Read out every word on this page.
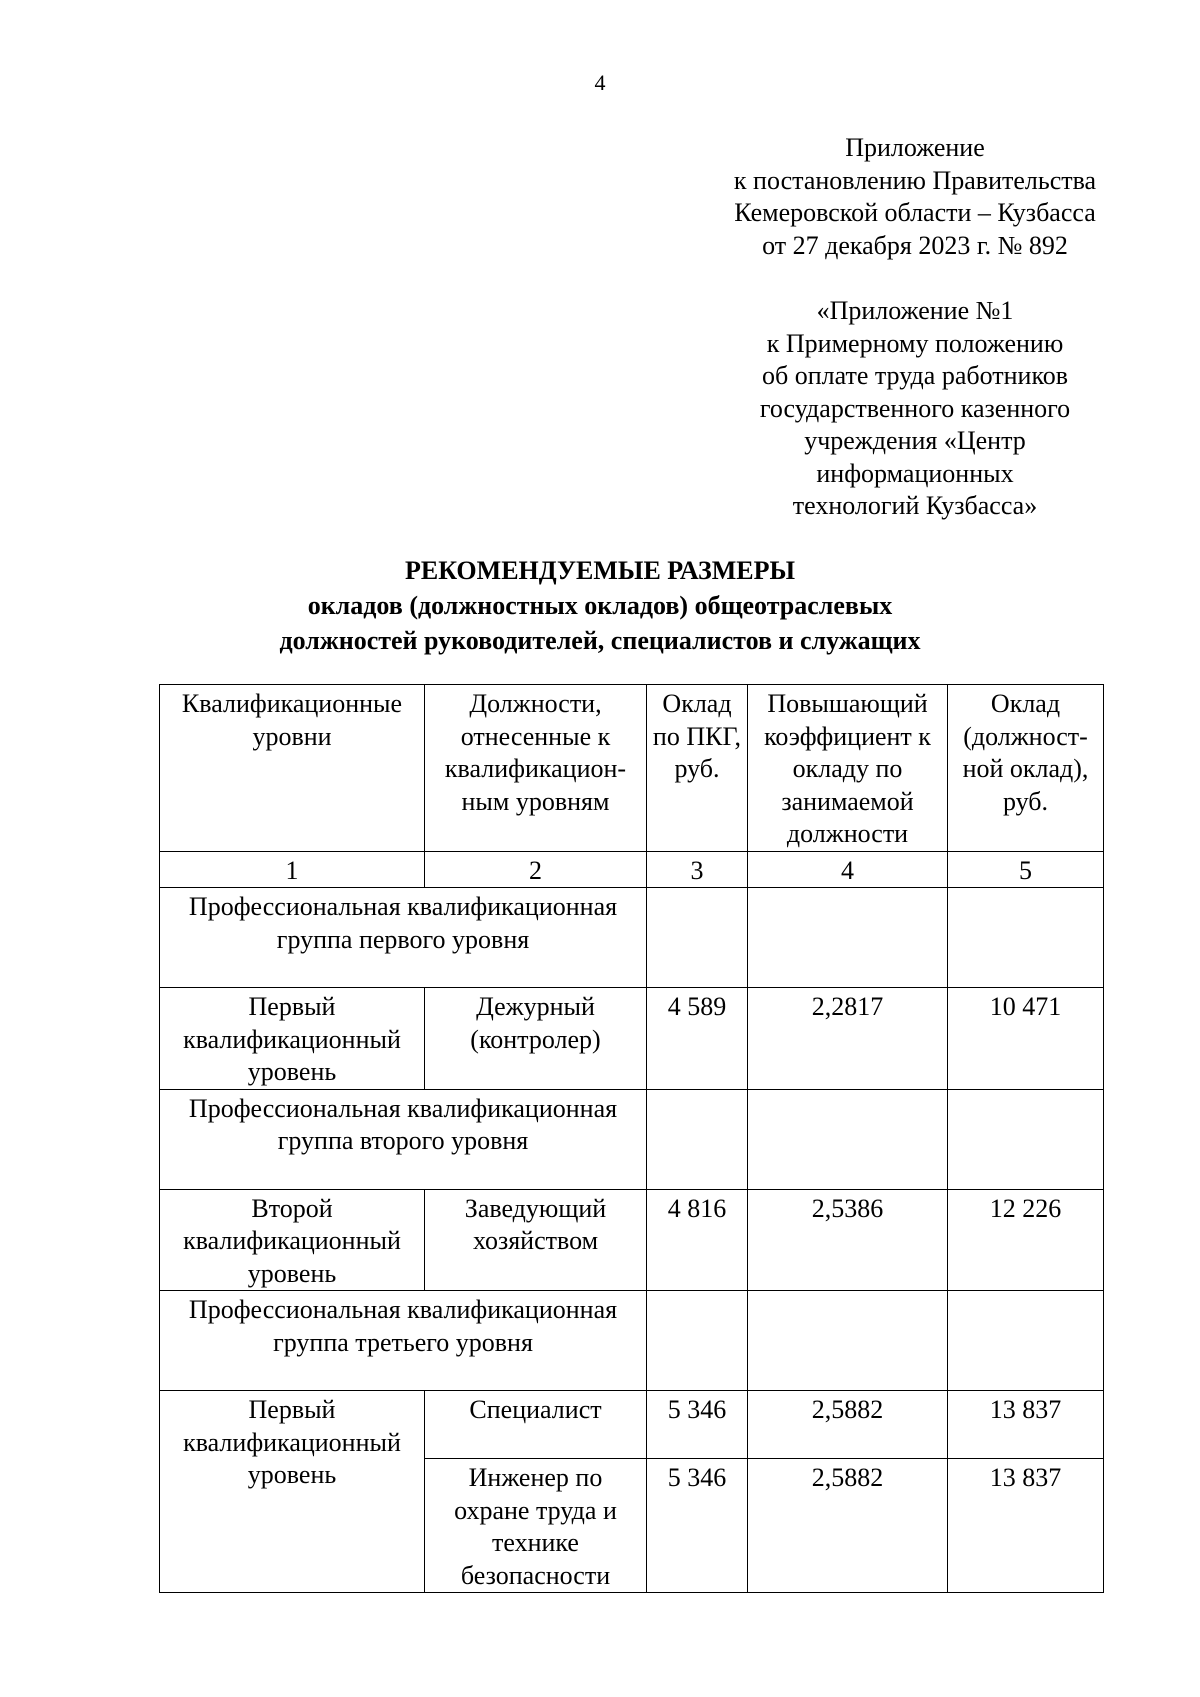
4
Приложение
к постановлению Правительства
Кемеровской области – Кузбасса
от 27 декабря 2023 г. № 892
«Приложение №1
к Примерному положению
об оплате труда работников
государственного казенного
учреждения «Центр
информационных
технологий Кузбасса»
РЕКОМЕНДУЕМЫЕ РАЗМЕРЫ
окладов (должностных окладов) общеотраслевых
должностей руководителей, специалистов и служащих
Квалификационные уровни	Должности, отнесенные к квалификацион-ным уровням	Оклад по ПКГ, руб.	Повышающий коэффициент к окладу по занимаемой должности	Оклад (должност-ной оклад), руб.
1	2	3	4	5
Профессиональная квалификационная группа первого уровня				
Первый квалификационный уровень	Дежурный (контролер)	4 589	2,2817	10 471
Профессиональная квалификационная группа второго уровня				
Второй квалификационный уровень	Заведующий хозяйством	4 816	2,5386	12 226
Профессиональная квалификационная группа третьего уровня				
Первый квалификационный уровень	Специалист	5 346	2,5882	13 837
	Инженер по охране труда и технике безопасности	5 346	2,5882	13 837
